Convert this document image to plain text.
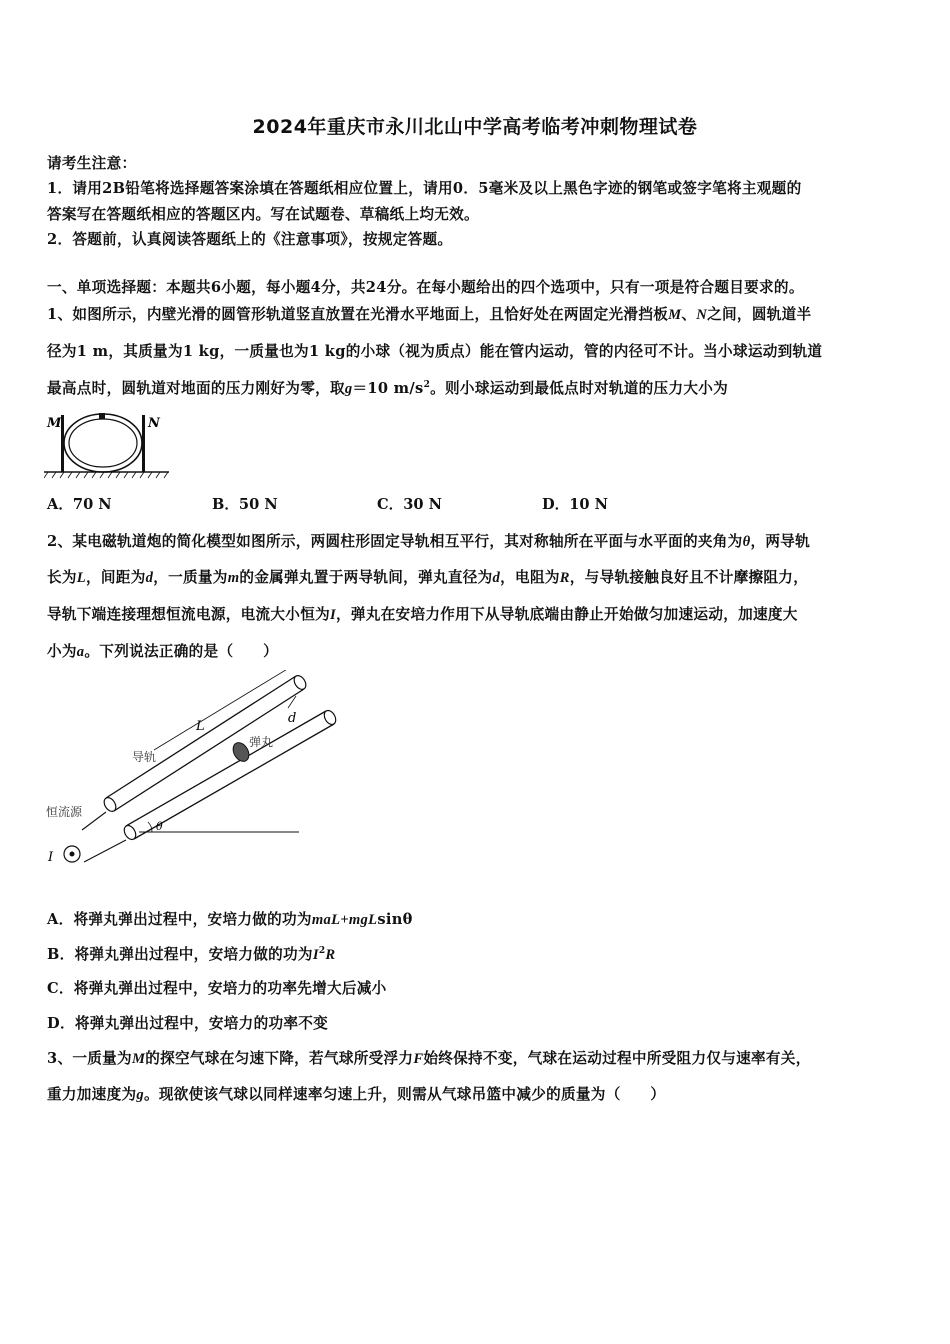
2024年重庆市永川北山中学高考临考冲刺物理试卷
请考生注意：
1．请用2B铅笔将选择题答案涂填在答题纸相应位置上，请用0．5毫米及以上黑色字迹的钢笔或签字笔将主观题的
答案写在答题纸相应的答题区内。写在试题卷、草稿纸上均无效。
2．答题前，认真阅读答题纸上的《注意事项》，按规定答题。
一、单项选择题：本题共6小题，每小题4分，共24分。在每小题给出的四个选项中，只有一项是符合题目要求的。
1、如图所示，内壁光滑的圆管形轨道竖直放置在光滑水平地面上，且恰好处在两固定光滑挡板M、N之间，圆轨道半
径为1 m，其质量为1 kg，一质量也为1 kg的小球（视为质点）能在管内运动，管的内径可不计。当小球运动到轨道
最高点时，圆轨道对地面的压力刚好为零，取g＝10 $m/s^2$。则小球运动到最低点时对轨道的压力大小为
M	N
A．70 N	B．50 N	C．30 N	D．10 N
2、某电磁轨道炮的简化模型如图所示，两圆柱形固定导轨相互平行，其对称轴所在平面与水平面的夹角为θ，两导轨
长为L，间距为d，一质量为m的金属弹丸置于两导轨间，弹丸直径为d，电阻为R，与导轨接触良好且不计摩擦阻力，
导轨下端连接理想恒流电源，电流大小恒为I，弹丸在安培力作用下从导轨底端由静止开始做匀加速运动，加速度大
小为a。下列说法正确的是（　　）
L
d
导轨
弹丸
恒流源
I
θ
A．将弹丸弹出过程中，安培力做的功为maL+mgLsinθ
B．将弹丸弹出过程中，安培力做的功为$I^2R$
C．将弹丸弹出过程中，安培力的功率先增大后减小
D．将弹丸弹出过程中，安培力的功率不变
3、一质量为M的探空气球在匀速下降，若气球所受浮力F始终保持不变，气球在运动过程中所受阻力仅与速率有关，
重力加速度为g。现欲使该气球以同样速率匀速上升，则需从气球吊篮中减少的质量为（　　）
